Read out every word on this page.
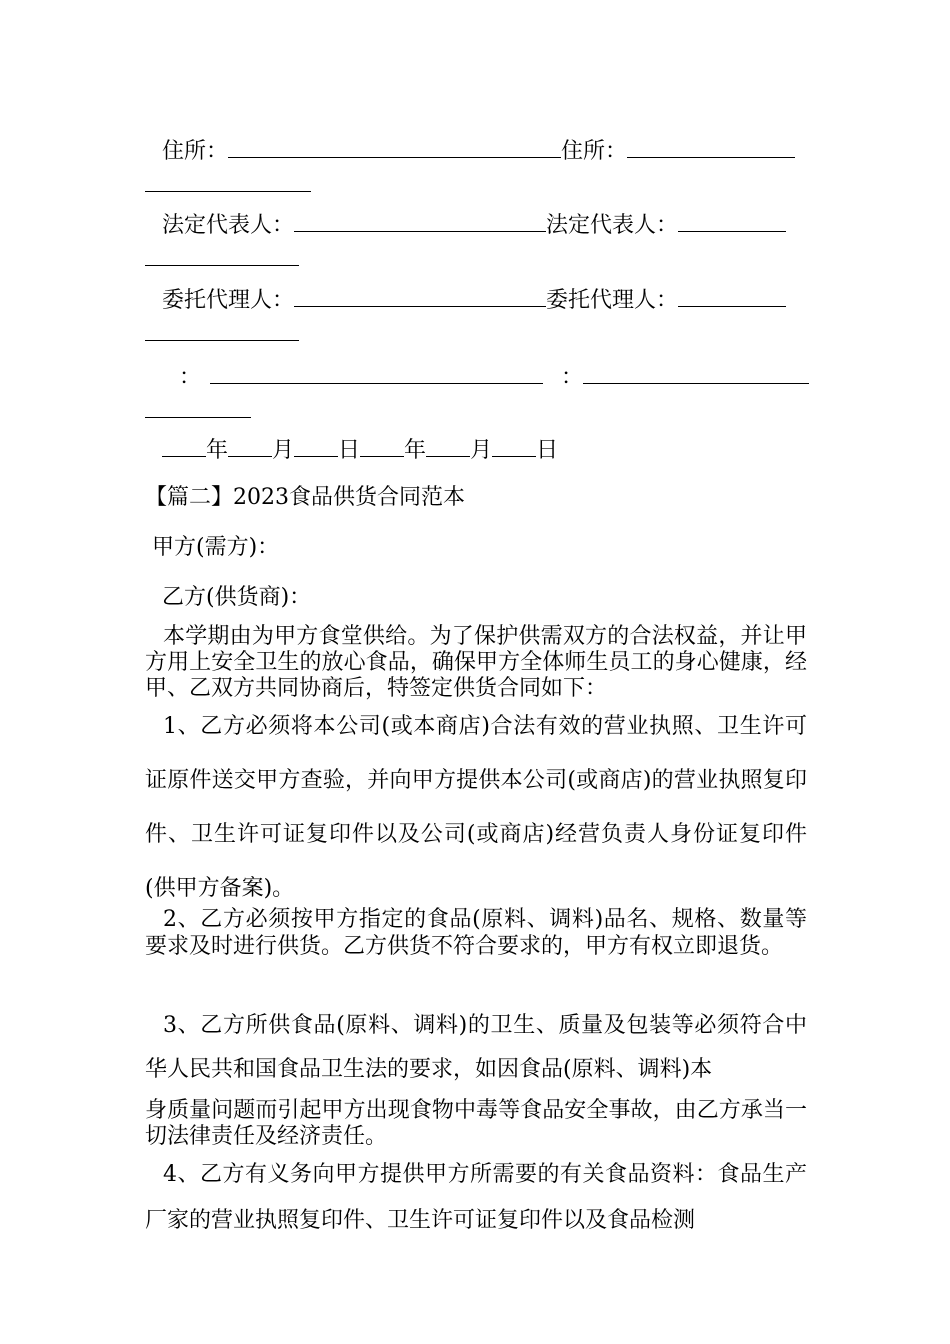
住所：	住所：
法定代表人：	法定代表人：
委托代理人：	委托代理人：
：	：
年 月 日 年 月 日
【篇二】2023食品供货合同范本
甲方(需方)：
乙方(供货商)：
本学期由为甲方食堂供给。为了保护供需双方的合法权益，并让甲方用上安全卫生的放心食品，确保甲方全体师生员工的身心健康，经甲、乙双方共同协商后，特签定供货合同如下：
1、乙方必须将本公司(或本商店)合法有效的营业执照、卫生许可证原件送交甲方查验，并向甲方提供本公司(或商店)的营业执照复印件、卫生许可证复印件以及公司(或商店)经营负责人身份证复印件(供甲方备案)。
2、乙方必须按甲方指定的食品(原料、调料)品名、规格、数量等要求及时进行供货。乙方供货不符合要求的，甲方有权立即退货。
3、乙方所供食品(原料、调料)的卫生、质量及包装等必须符合中华人民共和国食品卫生法的要求，如因食品(原料、调料)本
身质量问题而引起甲方出现食物中毒等食品安全事故，由乙方承当一切法律责任及经济责任。
4、乙方有义务向甲方提供甲方所需要的有关食品资料：食品生产厂家的营业执照复印件、卫生许可证复印件以及食品检测
